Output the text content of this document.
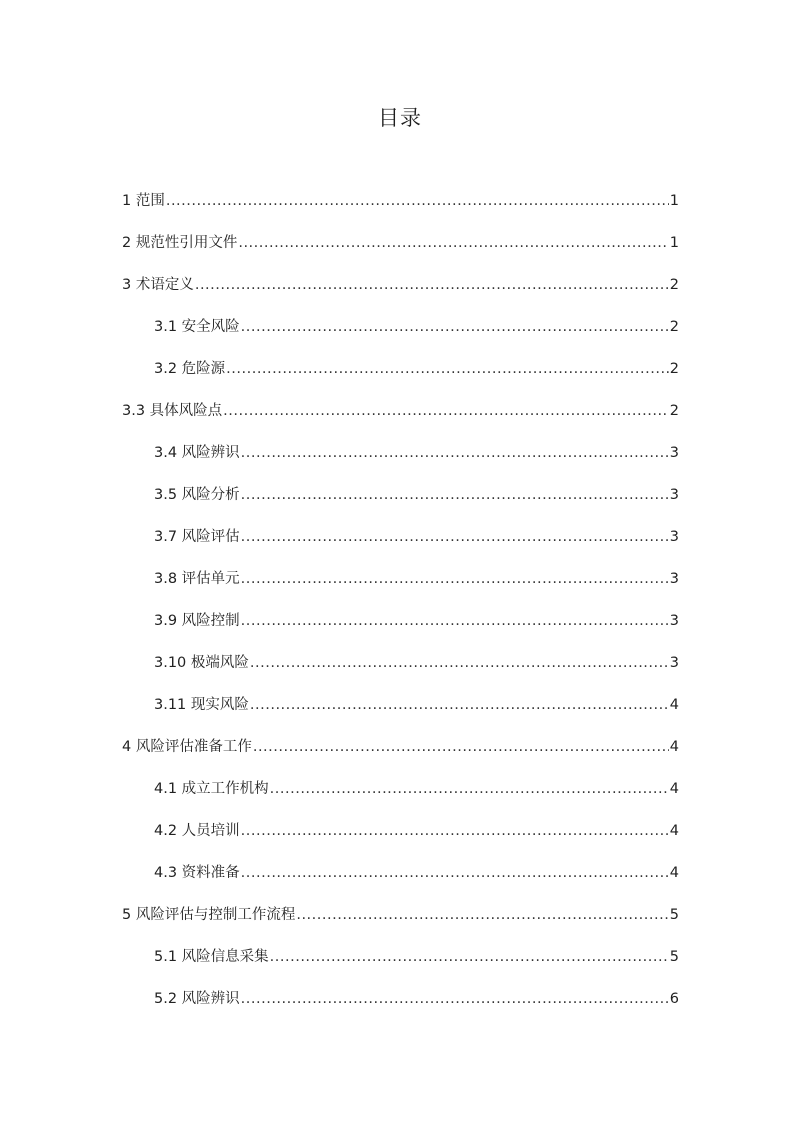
目录
1 范围 .....	1
2 规范性引用文件 .....	1
3 术语定义 .....	2
3.1 安全风险 .....	2
3.2 危险源 .....	2
3.3 具体风险点 .....	2
3.4 风险辨识 .....	3
3.5 风险分析 .....	3
3.7 风险评估 .....	3
3.8 评估单元 .....	3
3.9 风险控制 .....	3
3.10 极端风险 .....	3
3.11 现实风险 .....	4
4 风险评估准备工作 .....	4
4.1 成立工作机构 .....	4
4.2 人员培训 .....	4
4.3 资料准备 .....	4
5 风险评估与控制工作流程 .....	5
5.1 风险信息采集 .....	5
5.2 风险辨识 .....	6
